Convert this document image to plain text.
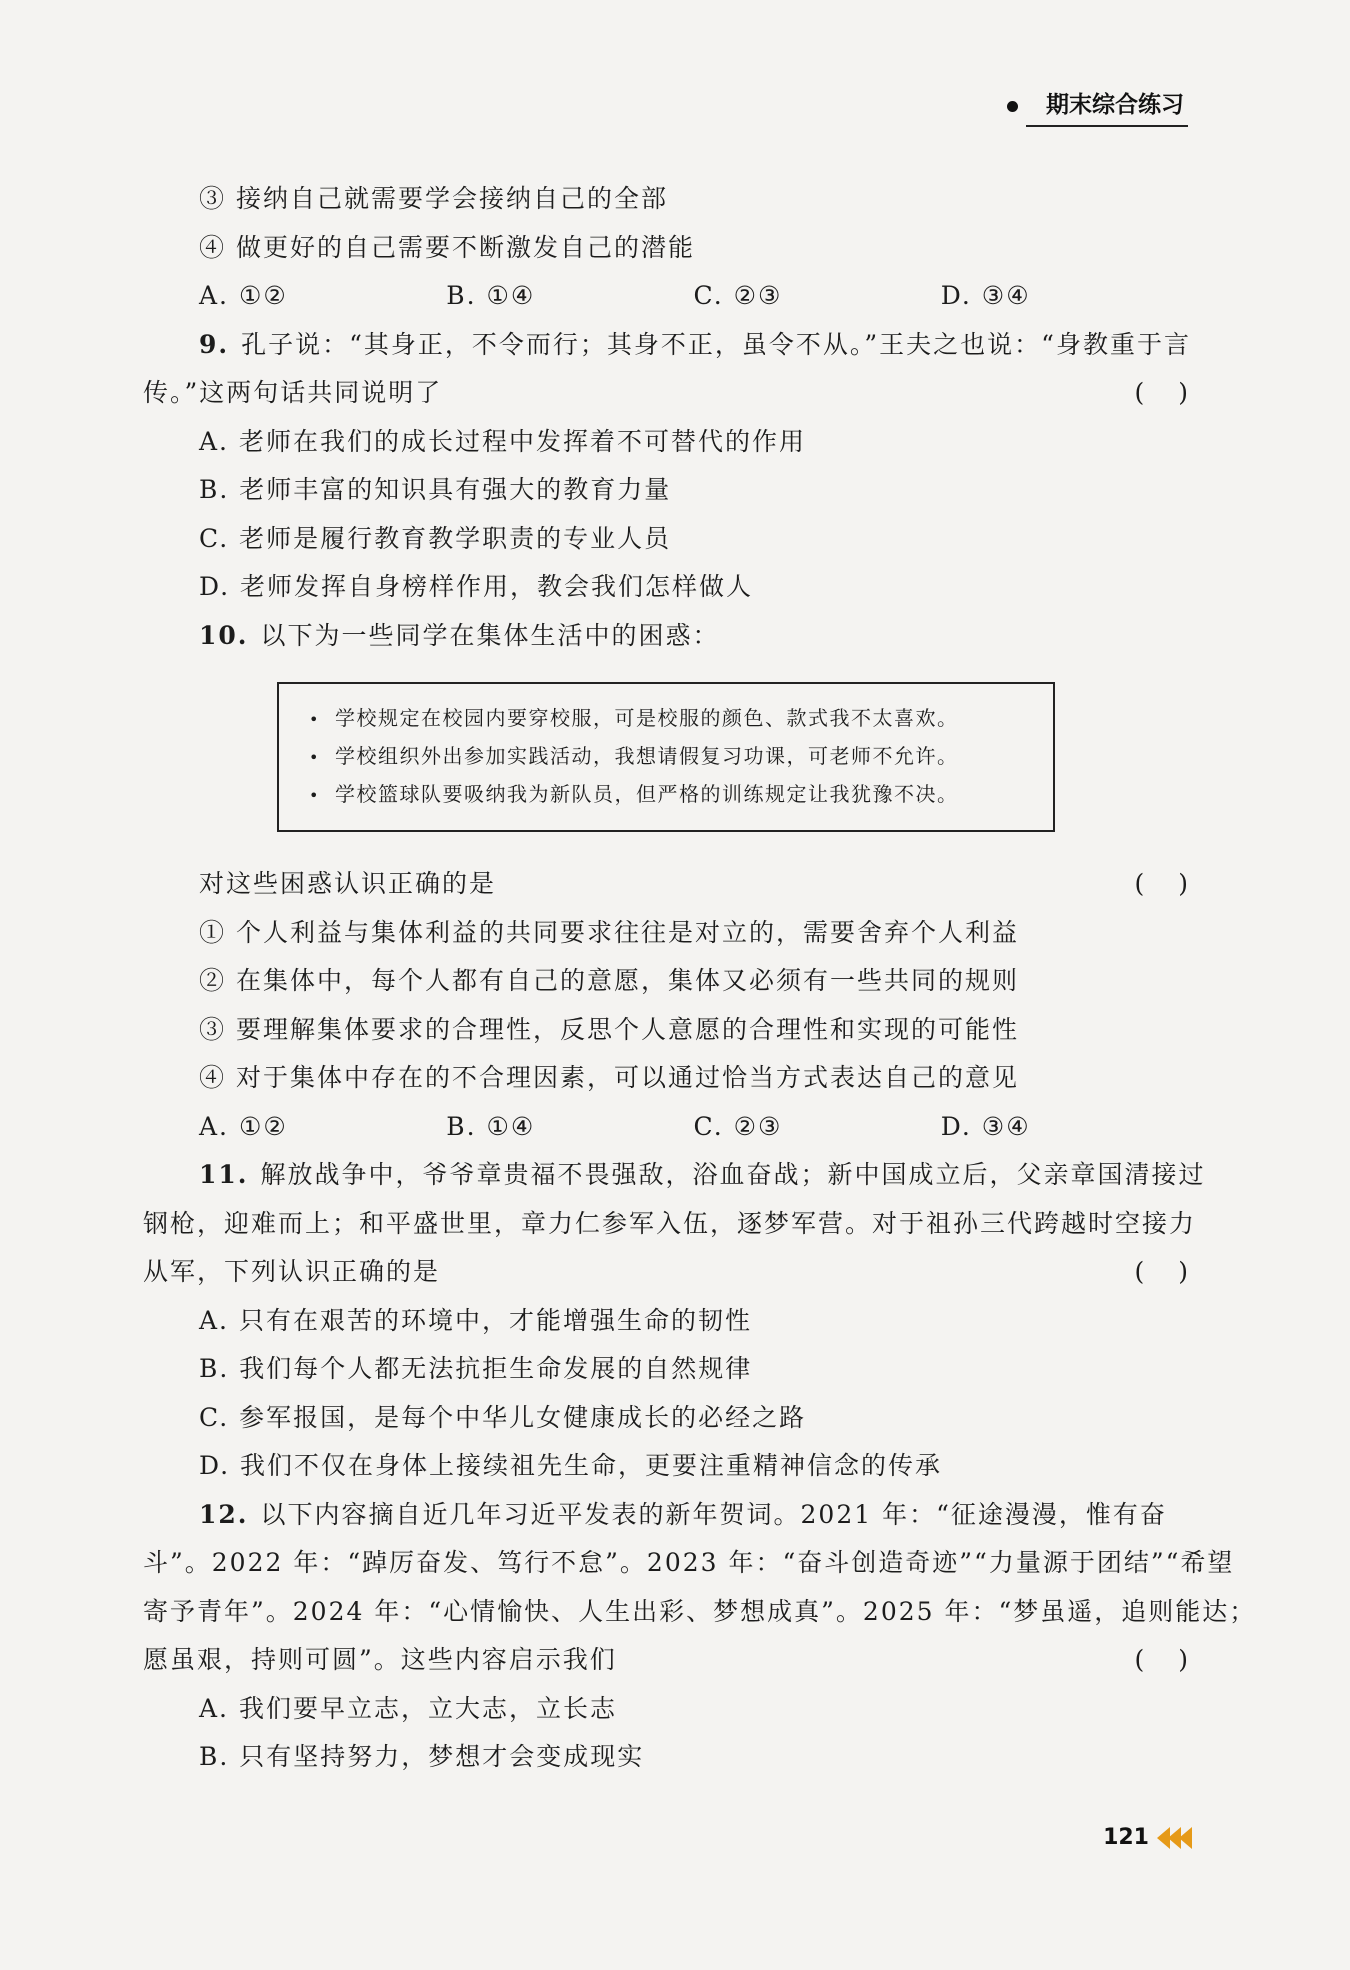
期末综合练习
③ 接纳自己就需要学会接纳自己的全部
④ 做更好的自己需要不断激发自己的潜能
A. ①②	B. ①④	C. ②③	D. ③④
9. 孔子说：“其身正，不令而行；其身不正，虽令不从。”王夫之也说：“身教重于言
传。”这两句话共同说明了	( )
A. 老师在我们的成长过程中发挥着不可替代的作用
B. 老师丰富的知识具有强大的教育力量
C. 老师是履行教育教学职责的专业人员
D. 老师发挥自身榜样作用，教会我们怎样做人
10. 以下为一些同学在集体生活中的困惑：
• 学校规定在校园内要穿校服，可是校服的颜色、款式我不太喜欢。
• 学校组织外出参加实践活动，我想请假复习功课，可老师不允许。
• 学校篮球队要吸纳我为新队员，但严格的训练规定让我犹豫不决。
对这些困惑认识正确的是	( )
① 个人利益与集体利益的共同要求往往是对立的，需要舍弃个人利益
② 在集体中，每个人都有自己的意愿，集体又必须有一些共同的规则
③ 要理解集体要求的合理性，反思个人意愿的合理性和实现的可能性
④ 对于集体中存在的不合理因素，可以通过恰当方式表达自己的意见
A. ①②	B. ①④	C. ②③	D. ③④
11. 解放战争中，爷爷章贵福不畏强敌，浴血奋战；新中国成立后，父亲章国清接过
钢枪，迎难而上；和平盛世里，章力仁参军入伍，逐梦军营。对于祖孙三代跨越时空接力
从军，下列认识正确的是	( )
A. 只有在艰苦的环境中，才能增强生命的韧性
B. 我们每个人都无法抗拒生命发展的自然规律
C. 参军报国，是每个中华儿女健康成长的必经之路
D. 我们不仅在身体上接续祖先生命，更要注重精神信念的传承
12. 以下内容摘自近几年习近平发表的新年贺词。2021 年：“征途漫漫，惟有奋
斗”。2022 年：“踔厉奋发、笃行不怠”。2023 年：“奋斗创造奇迹”“力量源于团结”“希望
寄予青年”。2024 年：“心情愉快、人生出彩、梦想成真”。2025 年：“梦虽遥，追则能达；
愿虽艰，持则可圆”。这些内容启示我们	( )
A. 我们要早立志，立大志，立长志
B. 只有坚持努力，梦想才会变成现实
121
